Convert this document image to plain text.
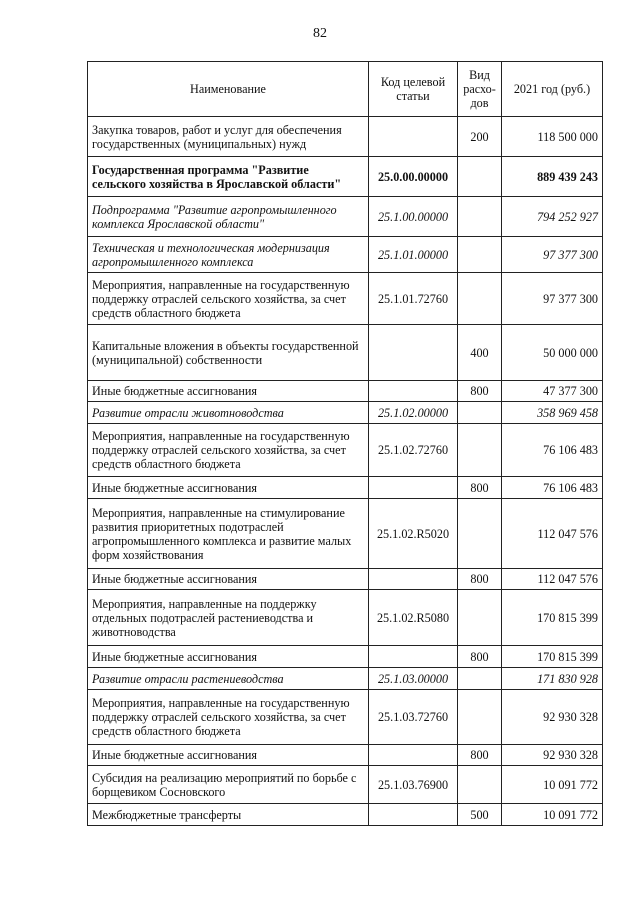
82
Наименование	Код целевой статьи	Вид расхо-дов	2021 год (руб.)
Закупка товаров, работ и услуг для обеспечения государственных (муниципальных) нужд		200	118 500 000
Государственная программа "Развитие сельского хозяйства в Ярославской области"	25.0.00.00000		889 439 243
Подпрограмма "Развитие агропромышленного комплекса Ярославской области"	25.1.00.00000		794 252 927
Техническая и технологическая модернизация агропромышленного комплекса	25.1.01.00000		97 377 300
Мероприятия, направленные на государственную поддержку отраслей сельского хозяйства, за счет средств областного бюджета	25.1.01.72760		97 377 300
Капитальные вложения в объекты государственной (муниципальной) собственности		400	50 000 000
Иные бюджетные ассигнования		800	47 377 300
Развитие отрасли животноводства	25.1.02.00000		358 969 458
Мероприятия, направленные на государственную поддержку отраслей сельского хозяйства, за счет средств областного бюджета	25.1.02.72760		76 106 483
Иные бюджетные ассигнования		800	76 106 483
Мероприятия, направленные на стимулирование развития приоритетных подотраслей агропромышленного комплекса и развитие малых форм хозяйствования	25.1.02.R5020		112 047 576
Иные бюджетные ассигнования		800	112 047 576
Мероприятия, направленные на поддержку отдельных подотраслей растениеводства и животноводства	25.1.02.R5080		170 815 399
Иные бюджетные ассигнования		800	170 815 399
Развитие отрасли растениеводства	25.1.03.00000		171 830 928
Мероприятия, направленные на государственную поддержку отраслей сельского хозяйства, за счет средств областного бюджета	25.1.03.72760		92 930 328
Иные бюджетные ассигнования		800	92 930 328
Субсидия на реализацию мероприятий по борьбе с борщевиком Сосновского	25.1.03.76900		10 091 772
Межбюджетные трансферты		500	10 091 772
